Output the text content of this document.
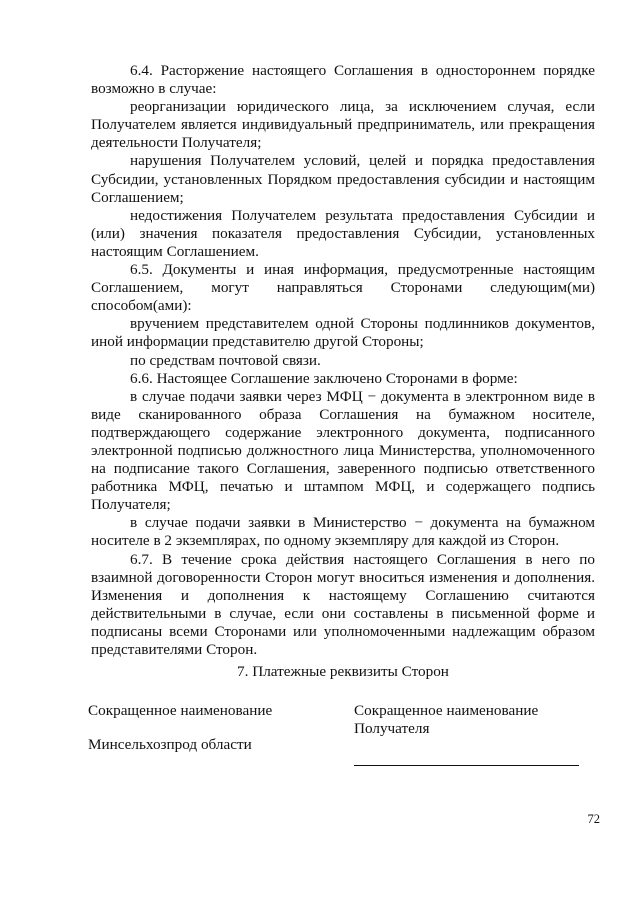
6.4. Расторжение настоящего Соглашения в одностороннем порядке возможно в случае:

реорганизации юридического лица, за исключением случая, если Получателем является индивидуальный предприниматель, или прекращения деятельности Получателя;

нарушения Получателем условий, целей и порядка предоставления Субсидии, установленных Порядком предоставления субсидии и настоящим Соглашением;

недостижения Получателем результата предоставления Субсидии и (или) значения показателя предоставления Субсидии, установленных настоящим Соглашением.

6.5. Документы и иная информация, предусмотренные настоящим Соглашением, могут направляться Сторонами следующим(ми) способом(ами):

вручением представителем одной Стороны подлинников документов, иной информации представителю другой Стороны;

по средствам почтовой связи.

6.6. Настоящее Соглашение заключено Сторонами в форме:

в случае подачи заявки через МФЦ − документа в электронном виде в виде сканированного образа Соглашения на бумажном носителе, подтверждающего содержание электронного документа, подписанного электронной подписью должностного лица Министерства, уполномоченного на подписание такого Соглашения, заверенного подписью ответственного работника МФЦ, печатью и штампом МФЦ, и содержащего подпись Получателя;

в случае подачи заявки в Министерство − документа на бумажном носителе в 2 экземплярах, по одному экземпляру для каждой из Сторон.

6.7. В течение срока действия настоящего Соглашения в него по взаимной договоренности Сторон могут вноситься изменения и дополнения. Изменения и дополнения к настоящему Соглашению считаются действительными в случае, если они составлены в письменной форме и подписаны всеми Сторонами или уполномоченными надлежащим образом представителями Сторон.

7. Платежные реквизиты Сторон
Сокращенное наименование
Минсельхозпрод области
Сокращенное наименование Получателя
72
